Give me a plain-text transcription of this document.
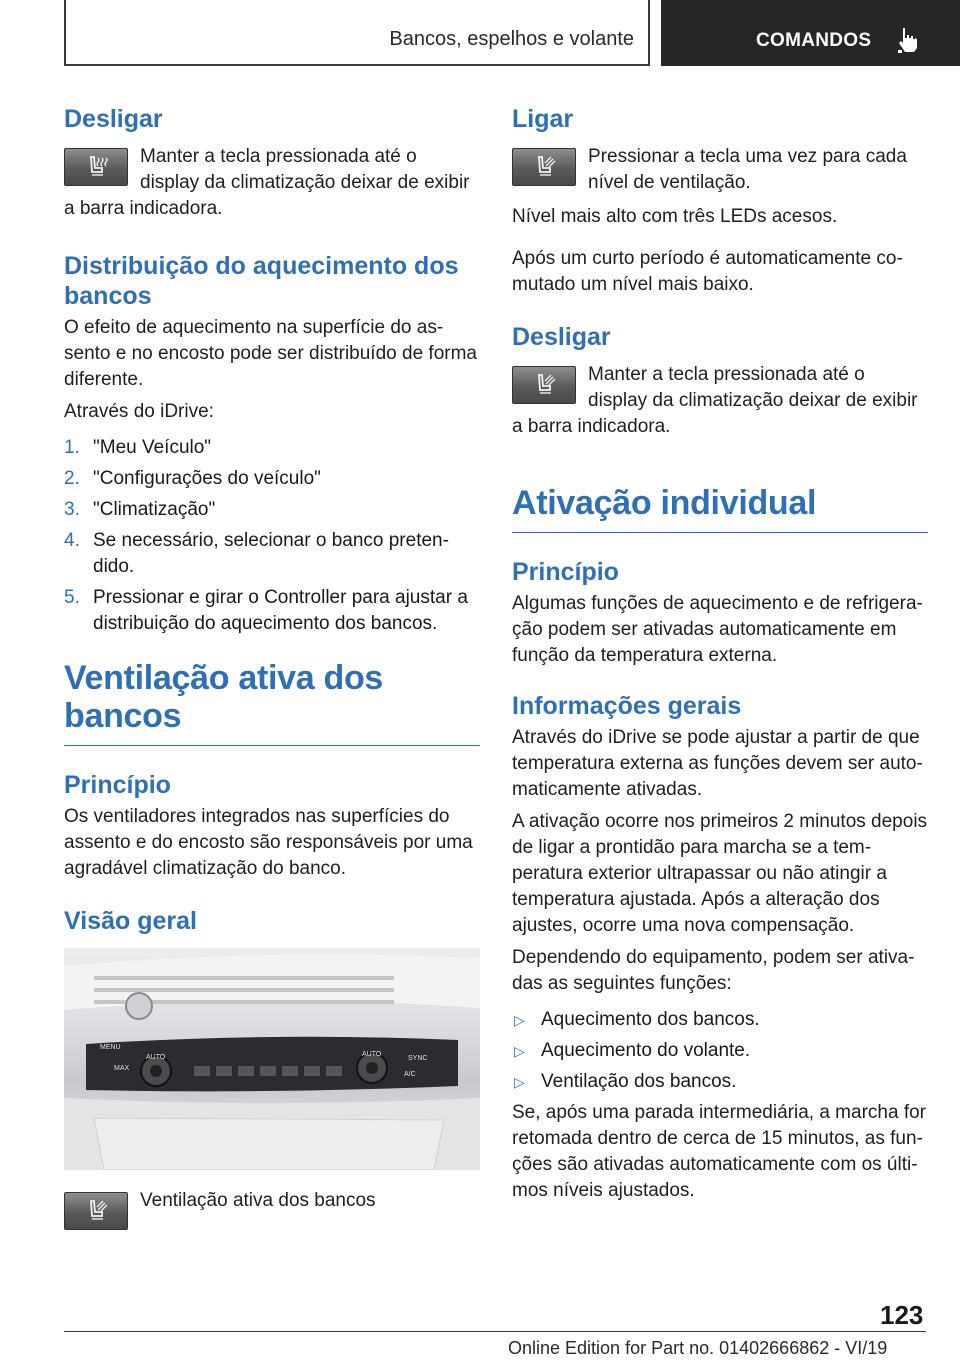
Bancos, espelhos e volante	COMANDOS
Desligar

Manter a tecla pressionada até o display da climatização deixar de exibir a barra indicadora.

Distribuição do aquecimento dos bancos

O efeito de aquecimento na superfície do assento e no encosto pode ser distribuído de forma diferente.

Através do iDrive:

1. "Meu Veículo"
2. "Configurações do veículo"
3. "Climatização"
4. Se necessário, selecionar o banco pretendido.
5. Pressionar e girar o Controller para ajustar a distribuição do aquecimento dos bancos.
Ventilação ativa dos bancos
Princípio

Os ventiladores integrados nas superfícies do assento e do encosto são responsáveis por uma agradável climatização do banco.

Visão geral
MENU
AUTO	AUTO
MAX
SYNC
A/C

Ventilação ativa dos bancos

Ligar

Pressionar a tecla uma vez para cada nível de ventilação.

Nível mais alto com três LEDs acesos.

Após um curto período é automaticamente comutado um nível mais baixo.

Desligar

Manter a tecla pressionada até o display da climatização deixar de exibir a barra indicadora.

Ativação individual
Princípio

Algumas funções de aquecimento e de refrigeração podem ser ativadas automaticamente em função da temperatura externa.

Informações gerais

Através do iDrive se pode ajustar a partir de que temperatura externa as funções devem ser automaticamente ativadas.

A ativação ocorre nos primeiros 2 minutos depois de ligar a prontidão para marcha se a temperatura exterior ultrapassar ou não atingir a temperatura ajustada. Após a alteração dos ajustes, ocorre uma nova compensação.

Dependendo do equipamento, podem ser ativadas as seguintes funções:

▷ Aquecimento dos bancos.
▷ Aquecimento do volante.
▷ Ventilação dos bancos.

Se, após uma parada intermediária, a marcha for retomada dentro de cerca de 15 minutos, as funções são ativadas automaticamente com os últimos níveis ajustados.

123
Online Edition for Part no. 01402666862 - VI/19
